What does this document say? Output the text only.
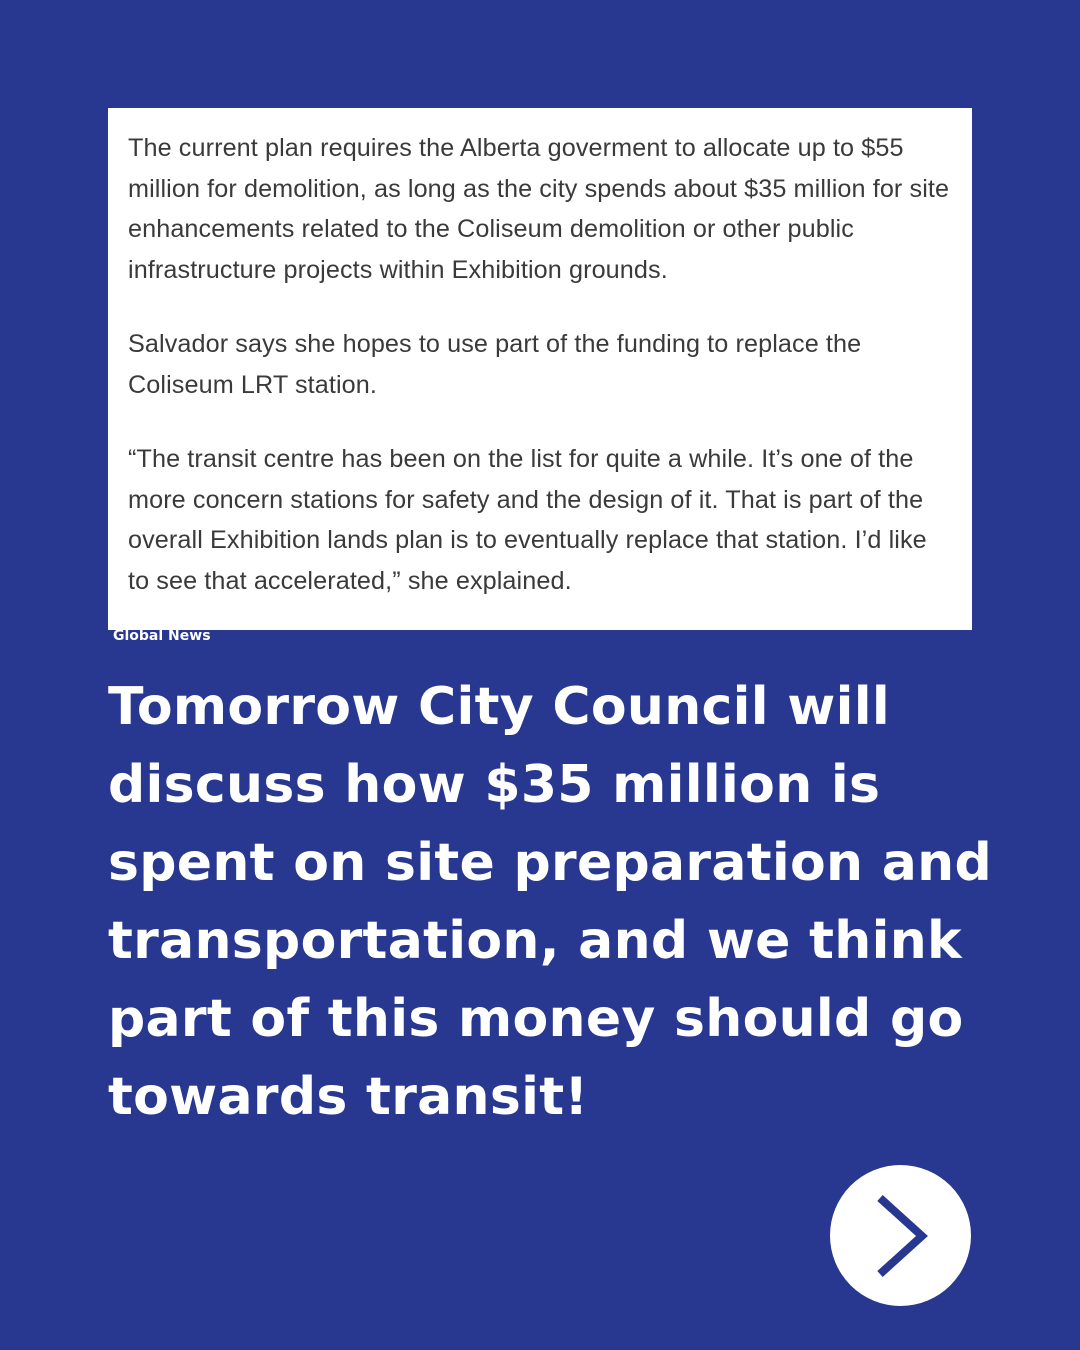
The current plan requires the Alberta goverment to allocate up to $55 million for demolition, as long as the city spends about $35 million for site enhancements related to the Coliseum demolition or other public infrastructure projects within Exhibition grounds.

Salvador says she hopes to use part of the funding to replace the Coliseum LRT station.

“The transit centre has been on the list for quite a while. It’s one of the more concern stations for safety and the design of it. That is part of the overall Exhibition lands plan is to eventually replace that station. I’d like to see that accelerated,” she explained.

Global News
Tomorrow City Council will discuss how $35 million is spent on site preparation and transportation, and we think part of this money should go towards transit!
